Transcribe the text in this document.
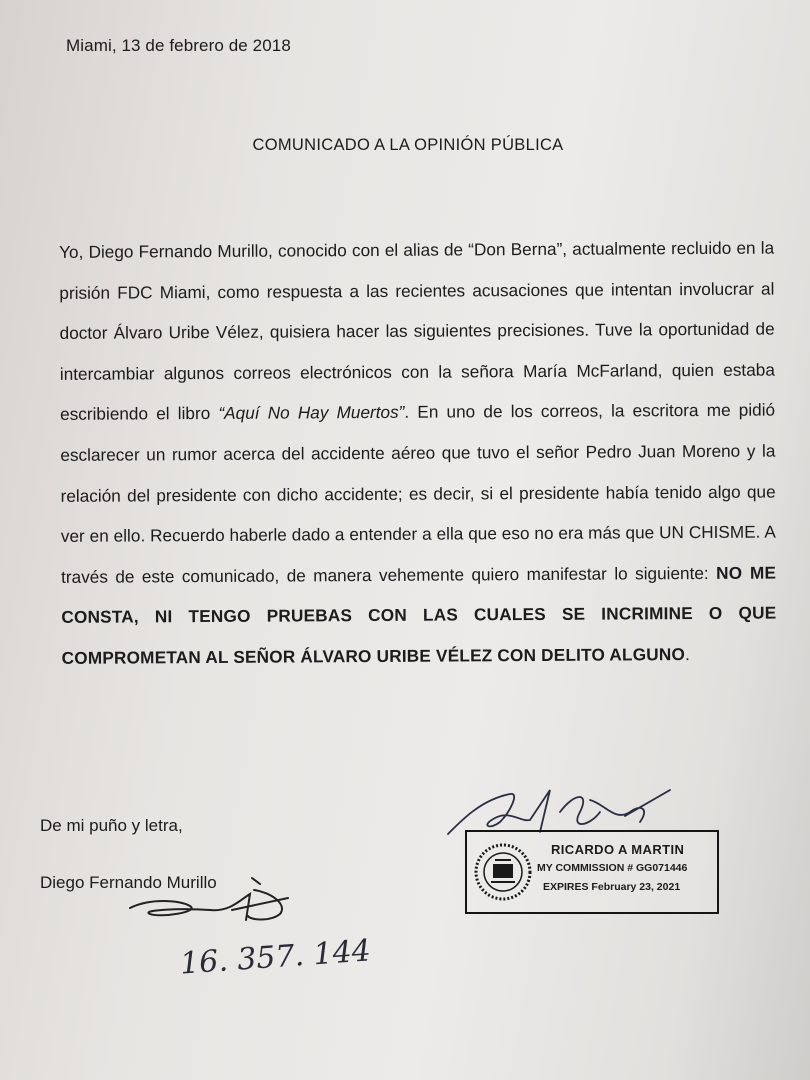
Miami, 13 de febrero de 2018
COMUNICADO A LA OPINIÓN PÚBLICA

Yo, Diego Fernando Murillo, conocido con el alias de “Don Berna”, actualmente recluido en la prisión FDC Miami, como respuesta a las recientes acusaciones que intentan involucrar al doctor Álvaro Uribe Vélez, quisiera hacer las siguientes precisiones. Tuve la oportunidad de intercambiar algunos correos electrónicos con la señora María McFarland, quien estaba escribiendo el libro “Aquí No Hay Muertos”. En uno de los correos, la escritora me pidió esclarecer un rumor acerca del accidente aéreo que tuvo el señor Pedro Juan Moreno y la relación del presidente con dicho accidente; es decir, si el presidente había tenido algo que ver en ello. Recuerdo haberle dado a entender a ella que eso no era más que UN CHISME. A través de este comunicado, de manera vehemente quiero manifestar lo siguiente: NO ME CONSTA, NI TENGO PRUEBAS CON LAS CUALES SE INCRIMINE O QUE COMPROMETAN AL SEÑOR ÁLVARO URIBE VÉLEZ CON DELITO ALGUNO.

De mi puño y letra,
Diego Fernando Murillo
16. 357. 144
RICARDO A MARTIN
MY COMMISSION # GG071446
EXPIRES February 23, 2021
